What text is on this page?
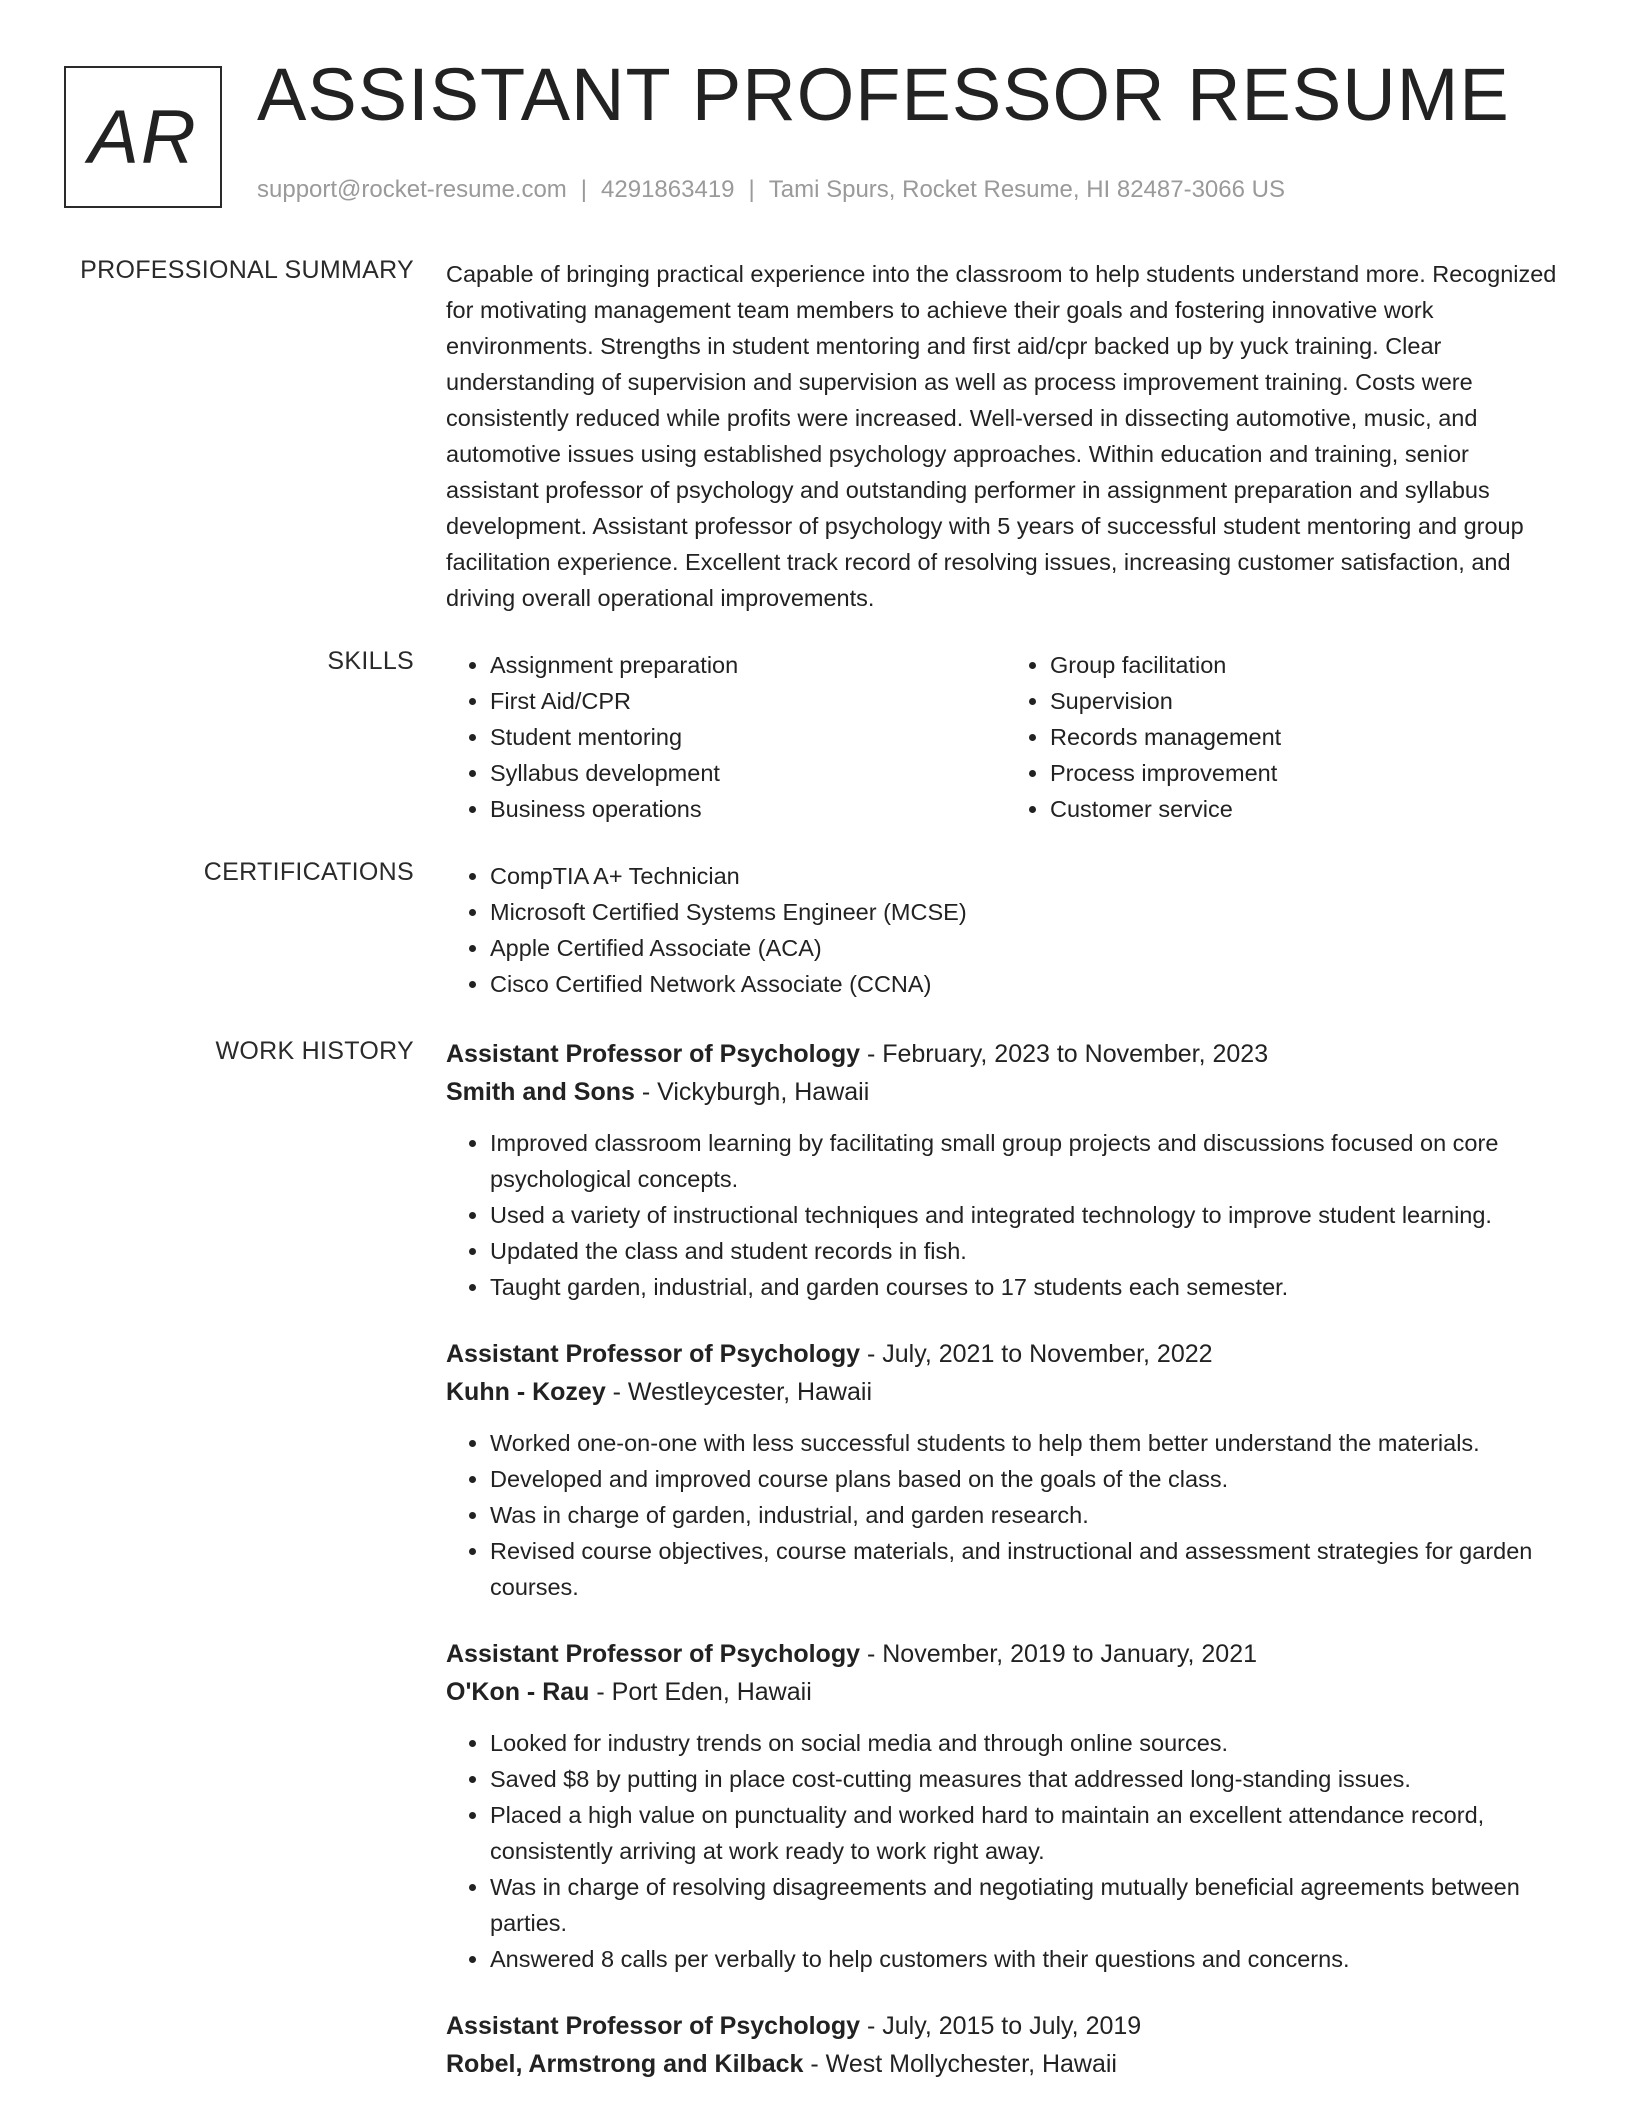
AR ASSISTANT PROFESSOR RESUME
support@rocket-resume.com | 4291863419 | Tami Spurs, Rocket Resume, HI 82487-3066 US
PROFESSIONAL SUMMARY Capable of bringing practical experience into the classroom to help students understand more. Recognized for motivating management team members to achieve their goals and fostering innovative work environments. Strengths in student mentoring and first aid/cpr backed up by yuck training. Clear understanding of supervision and supervision as well as process improvement training. Costs were consistently reduced while profits were increased. Well-versed in dissecting automotive, music, and automotive issues using established psychology approaches. Within education and training, senior assistant professor of psychology and outstanding performer in assignment preparation and syllabus development. Assistant professor of psychology with 5 years of successful student mentoring and group facilitation experience. Excellent track record of resolving issues, increasing customer satisfaction, and driving overall operational improvements.
SKILLS	• Assignment preparation
• First Aid/CPR
• Student mentoring
• Syllabus development
• Business operations
• Group facilitation
• Supervision
• Records management
• Process improvement
• Customer service
CERTIFICATIONS	• CompTIA A+ Technician
• Microsoft Certified Systems Engineer (MCSE)
• Apple Certified Associate (ACA)
• Cisco Certified Network Associate (CCNA)
WORK HISTORY Assistant Professor of Psychology - February, 2023 to November, 2023
Smith and Sons - Vickyburgh, Hawaii
• Improved classroom learning by facilitating small group projects and discussions focused on core psychological concepts.
• Used a variety of instructional techniques and integrated technology to improve student learning.
• Updated the class and student records in fish.
• Taught garden, industrial, and garden courses to 17 students each semester.
Assistant Professor of Psychology - July, 2021 to November, 2022
Kuhn - Kozey - Westleycester, Hawaii
• Worked one-on-one with less successful students to help them better understand the materials.
• Developed and improved course plans based on the goals of the class.
• Was in charge of garden, industrial, and garden research.
• Revised course objectives, course materials, and instructional and assessment strategies for garden courses.
Assistant Professor of Psychology - November, 2019 to January, 2021
O'Kon - Rau - Port Eden, Hawaii
• Looked for industry trends on social media and through online sources.
• Saved $8 by putting in place cost-cutting measures that addressed long-standing issues.
• Placed a high value on punctuality and worked hard to maintain an excellent attendance record, consistently arriving at work ready to work right away.
• Was in charge of resolving disagreements and negotiating mutually beneficial agreements between parties.
• Answered 8 calls per verbally to help customers with their questions and concerns.
Assistant Professor of Psychology - July, 2015 to July, 2019
Robel, Armstrong and Kilback - West Mollychester, Hawaii
